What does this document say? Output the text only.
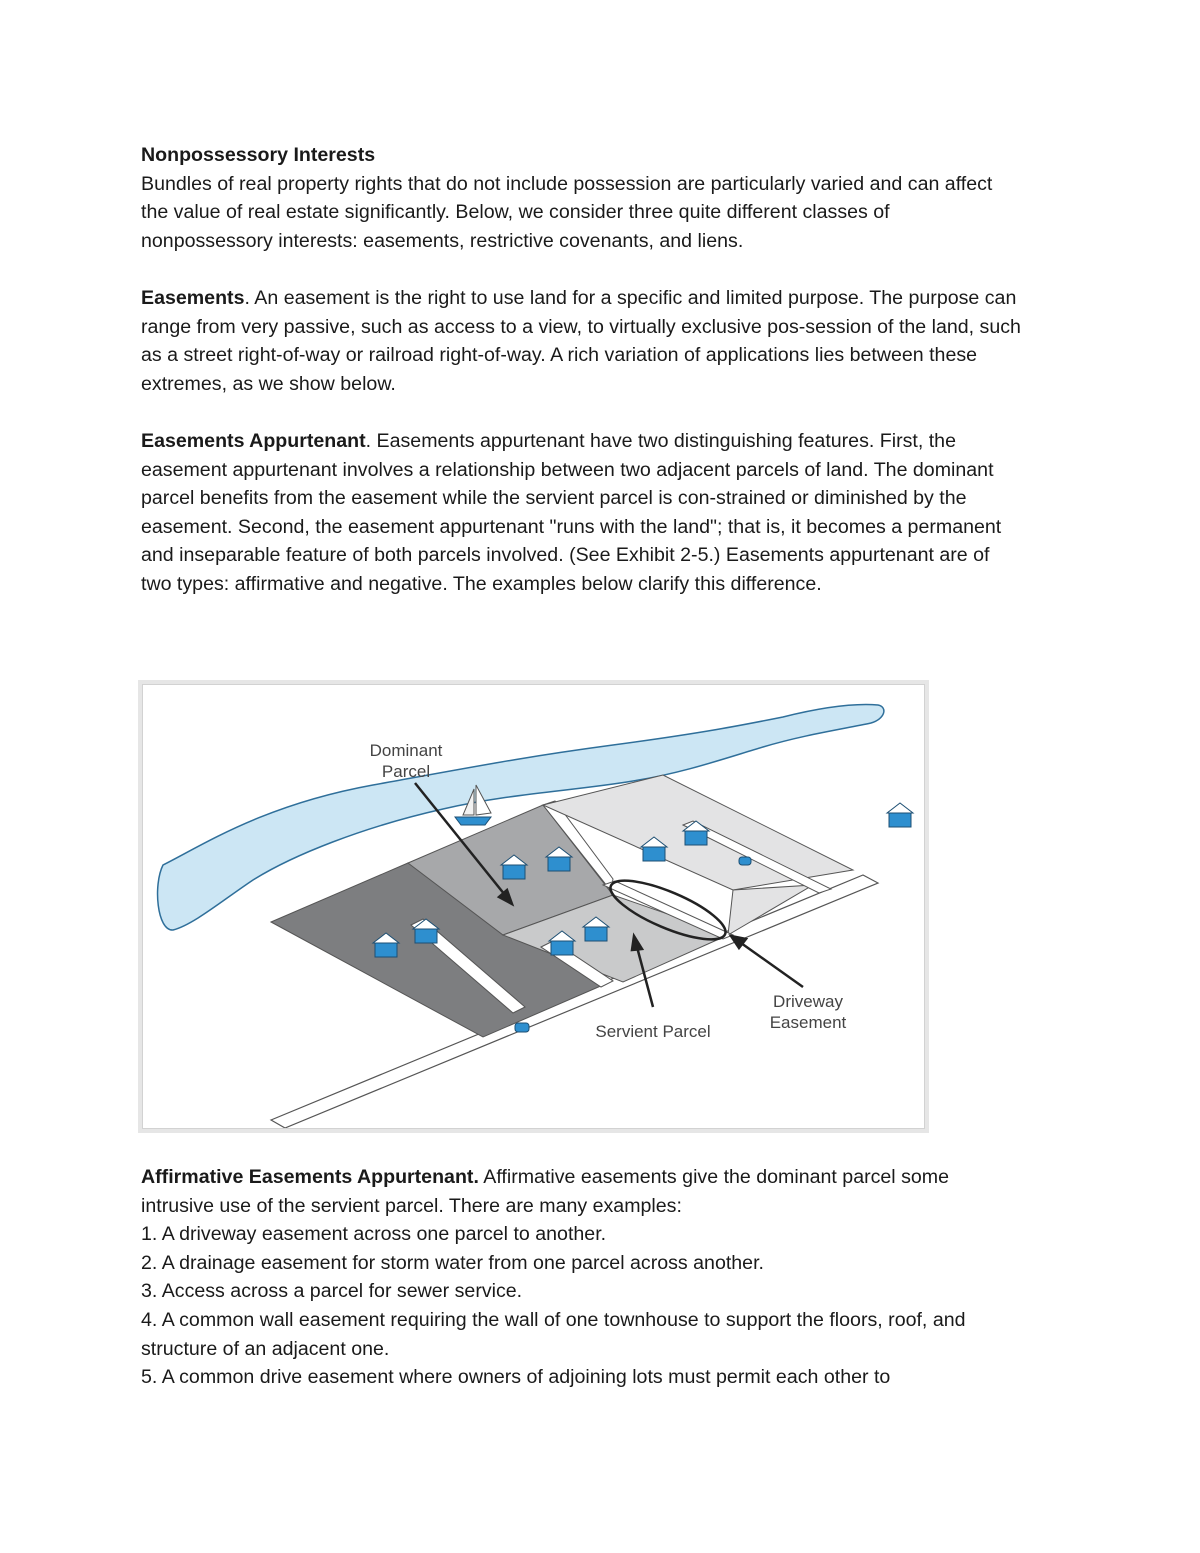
Nonpossessory Interests
Bundles of real property rights that do not include possession are particularly varied and can affect the value of real estate significantly. Below, we consider three quite different classes of nonpossessory interests: easements, restrictive covenants, and liens.

Easements. An easement is the right to use land for a specific and limited purpose. The purpose can range from very passive, such as access to a view, to virtually exclusive pos-session of the land, such as a street right-of-way or railroad right-of-way. A rich variation of applications lies between these extremes, as we show below.

Easements Appurtenant. Easements appurtenant have two distinguishing features. First, the easement appurtenant involves a relationship between two adjacent parcels of land. The dominant parcel benefits from the easement while the servient parcel is con-strained or diminished by the easement. Second, the easement appurtenant "runs with the land"; that is, it becomes a permanent and inseparable feature of both parcels involved. (See Exhibit 2-5.) Easements appurtenant are of two types: affirmative and negative. The examples below clarify this difference.

Dominant
Parcel
Servient Parcel
Driveway
Easement

Affirmative Easements Appurtenant. Affirmative easements give the dominant parcel some intrusive use of the servient parcel. There are many examples:

1. A driveway easement across one parcel to another.
2. A drainage easement for storm water from one parcel across another.
3. Access across a parcel for sewer service.
4. A common wall easement requiring the wall of one townhouse to support the floors, roof, and structure of an adjacent one.
5. A common drive easement where owners of adjoining lots must permit each other to
